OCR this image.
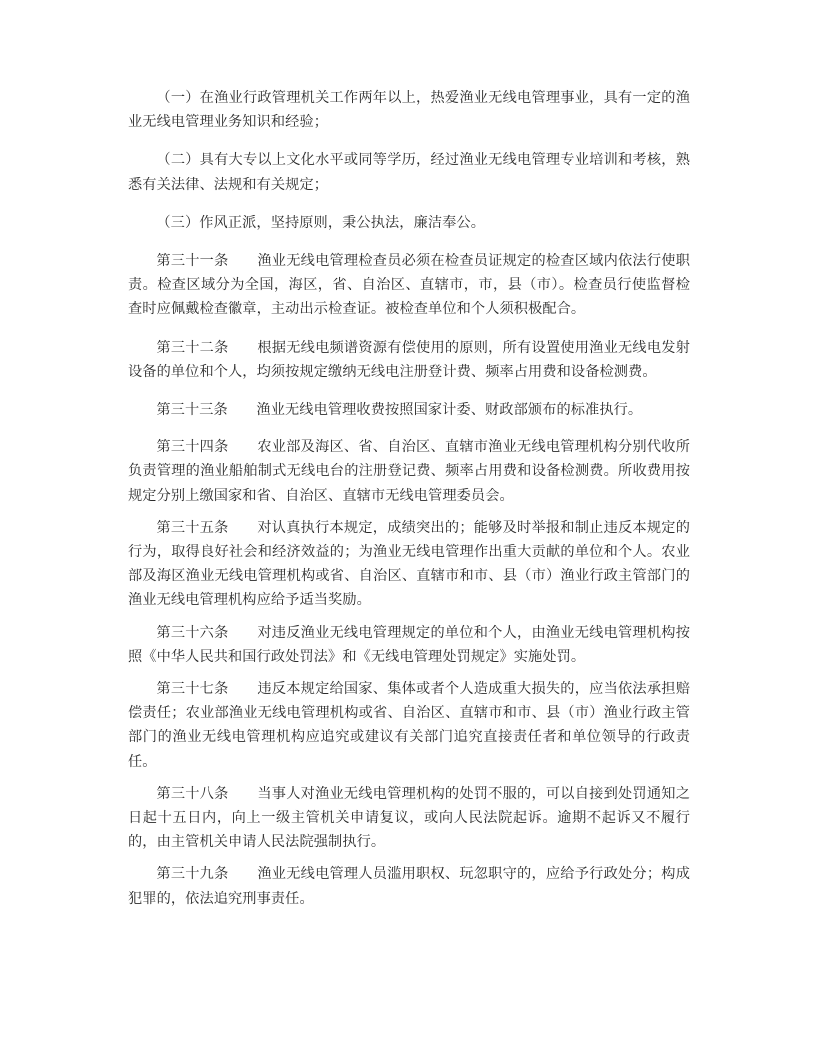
（一）在渔业行政管理机关工作两年以上，热爱渔业无线电管理事业，具有一定的渔业无线电管理业务知识和经验；

（二）具有大专以上文化水平或同等学历，经过渔业无线电管理专业培训和考核，熟悉有关法律、法规和有关规定；

（三）作风正派，坚持原则，秉公执法，廉洁奉公。

第三十一条　　 渔业无线电管理检查员必须在检查员证规定的检查区域内依法行使职责。检查区域分为全国，海区，省、自治区、直辖市，市，县（市）。检查员行使监督检查时应佩戴检查徽章，主动出示检查证。被检查单位和个人须积极配合。

第三十二条　　 根据无线电频谱资源有偿使用的原则，所有设置使用渔业无线电发射设备的单位和个人，均须按规定缴纳无线电注册登计费、频率占用费和设备检测费。

第三十三条　　 渔业无线电管理收费按照国家计委、财政部颁布的标准执行。

第三十四条　　 农业部及海区、省、自治区、直辖市渔业无线电管理机构分别代收所负责管理的渔业船舶制式无线电台的注册登记费、频率占用费和设备检测费。所收费用按规定分别上缴国家和省、自治区、直辖市无线电管理委员会。

第三十五条　　 对认真执行本规定，成绩突出的；能够及时举报和制止违反本规定的行为，取得良好社会和经济效益的；为渔业无线电管理作出重大贡献的单位和个人。农业部及海区渔业无线电管理机构或省、自治区、直辖市和市、县（市）渔业行政主管部门的渔业无线电管理机构应给予适当奖励。

第三十六条　　 对违反渔业无线电管理规定的单位和个人，由渔业无线电管理机构按照《中华人民共和国行政处罚法》和《无线电管理处罚规定》实施处罚。

第三十七条　　 违反本规定给国家、集体或者个人造成重大损失的，应当依法承担赔偿责任；农业部渔业无线电管理机构或省、自治区、直辖市和市、县（市）渔业行政主管部门的渔业无线电管理机构应追究或建议有关部门追究直接责任者和单位领导的行政责任。

第三十八条　　 当事人对渔业无线电管理机构的处罚不服的，可以自接到处罚通知之日起十五日内，向上一级主管机关申请复议，或向人民法院起诉。逾期不起诉又不履行的，由主管机关申请人民法院强制执行。

第三十九条　　 渔业无线电管理人员滥用职权、玩忽职守的，应给予行政处分；构成犯罪的，依法追究刑事责任。
